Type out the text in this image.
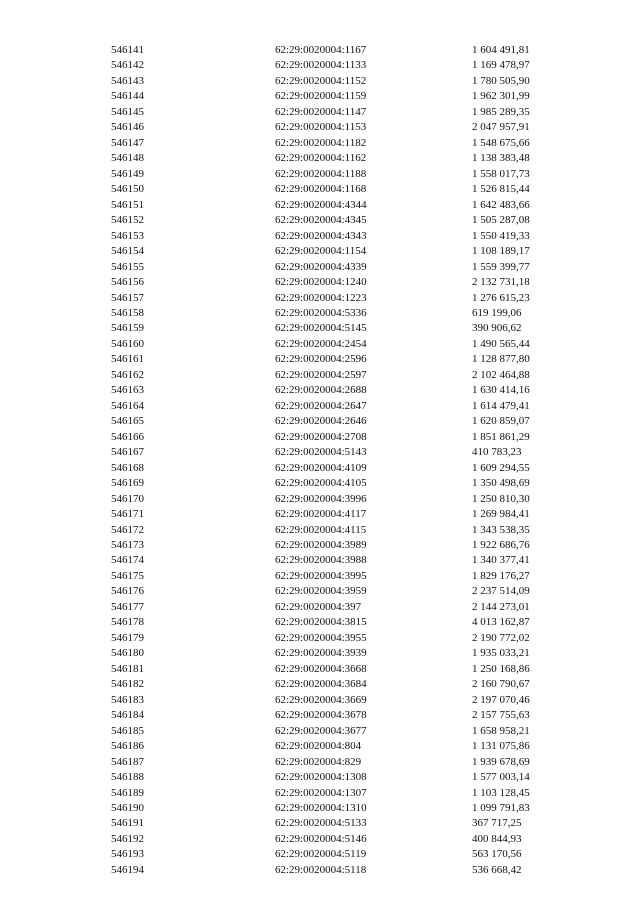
546141	62:29:0020004:1167	1 604 491,81
546142	62:29:0020004:1133	1 169 478,97
546143	62:29:0020004:1152	1 780 505,90
546144	62:29:0020004:1159	1 962 301,99
546145	62:29:0020004:1147	1 985 289,35
546146	62:29:0020004:1153	2 047 957,91
546147	62:29:0020004:1182	1 548 675,66
546148	62:29:0020004:1162	1 138 383,48
546149	62:29:0020004:1188	1 558 017,73
546150	62:29:0020004:1168	1 526 815,44
546151	62:29:0020004:4344	1 642 483,66
546152	62:29:0020004:4345	1 505 287,08
546153	62:29:0020004:4343	1 550 419,33
546154	62:29:0020004:1154	1 108 189,17
546155	62:29:0020004:4339	1 559 399,77
546156	62:29:0020004:1240	2 132 731,18
546157	62:29:0020004:1223	1 276 615,23
546158	62:29:0020004:5336	619 199,06
546159	62:29:0020004:5145	390 906,62
546160	62:29:0020004:2454	1 490 565,44
546161	62:29:0020004:2596	1 128 877,80
546162	62:29:0020004:2597	2 102 464,88
546163	62:29:0020004:2688	1 630 414,16
546164	62:29:0020004:2647	1 614 479,41
546165	62:29:0020004:2646	1 620 859,07
546166	62:29:0020004:2708	1 851 861,29
546167	62:29:0020004:5143	410 783,23
546168	62:29:0020004:4109	1 609 294,55
546169	62:29:0020004:4105	1 350 498,69
546170	62:29:0020004:3996	1 250 810,30
546171	62:29:0020004:4117	1 269 984,41
546172	62:29:0020004:4115	1 343 538,35
546173	62:29:0020004:3989	1 922 686,76
546174	62:29:0020004:3988	1 340 377,41
546175	62:29:0020004:3995	1 829 176,27
546176	62:29:0020004:3959	2 237 514,09
546177	62:29:0020004:397	2 144 273,01
546178	62:29:0020004:3815	4 013 162,87
546179	62:29:0020004:3955	2 190 772,02
546180	62:29:0020004:3939	1 935 033,21
546181	62:29:0020004:3668	1 250 168,86
546182	62:29:0020004:3684	2 160 790,67
546183	62:29:0020004:3669	2 197 070,46
546184	62:29:0020004:3678	2 157 755,63
546185	62:29:0020004:3677	1 658 958,21
546186	62:29:0020004:804	1 131 075,86
546187	62:29:0020004:829	1 939 678,69
546188	62:29:0020004:1308	1 577 003,14
546189	62:29:0020004:1307	1 103 128,45
546190	62:29:0020004:1310	1 099 791,83
546191	62:29:0020004:5133	367 717,25
546192	62:29:0020004:5146	400 844,93
546193	62:29:0020004:5119	563 170,56
546194	62:29:0020004:5118	536 668,42
